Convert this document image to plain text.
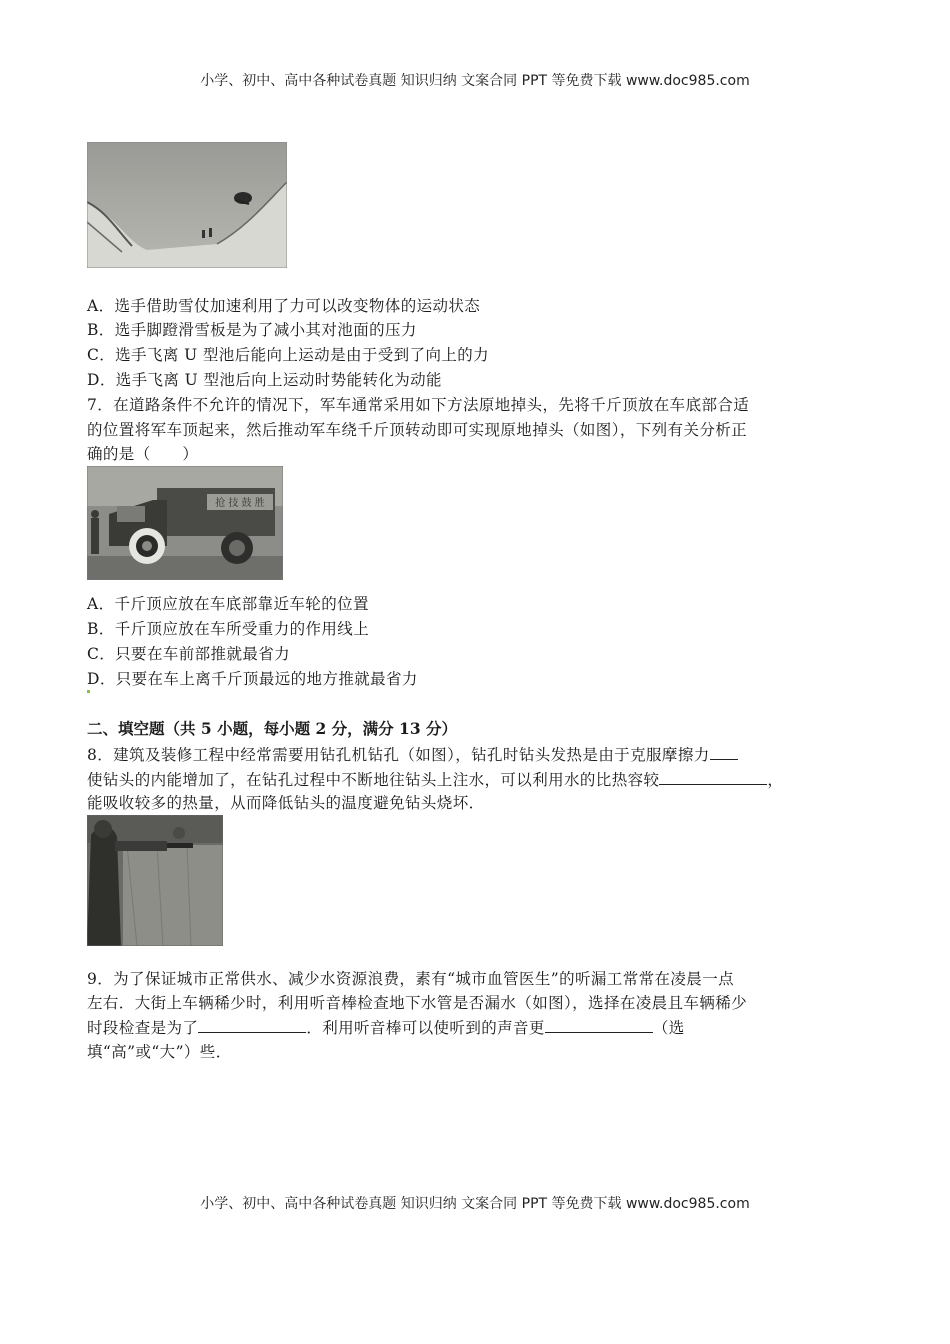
小学、初中、高中各种试卷真题 知识归纳 文案合同 PPT 等免费下载 www.doc985.com
A．选手借助雪仗加速利用了力可以改变物体的运动状态
B．选手脚蹬滑雪板是为了减小其对池面的压力
C．选手飞离 U 型池后能向上运动是由于受到了向上的力
D．选手飞离 U 型池后向上运动时势能转化为动能
7．在道路条件不允许的情况下，军车通常采用如下方法原地掉头，先将千斤顶放在车底部合适
的位置将军车顶起来，然后推动军车绕千斤顶转动即可实现原地掉头（如图），下列有关分析正
确的是（　　）
抢 技 鼓 胜
A．千斤顶应放在车底部靠近车轮的位置
B．千斤顶应放在车所受重力的作用线上
C．只要在车前部推就最省力
D．只要在车上离千斤顶最远的地方推就最省力
二、填空题（共 5 小题，每小题 2 分，满分 13 分）
8．建筑及装修工程中经常需要用钻孔机钻孔（如图），钻孔时钻头发热是由于克服摩擦力
使钻头的内能增加了，在钻孔过程中不断地往钻头上注水，可以利用水的比热容较	，
能吸收较多的热量，从而降低钻头的温度避免钻头烧坏．
9．为了保证城市正常供水、减少水资源浪费，素有“城市血管医生”的听漏工常常在凌晨一点
左右．大街上车辆稀少时，利用听音棒检查地下水管是否漏水（如图），选择在凌晨且车辆稀少
时段检查是为了	．利用听音棒可以使听到的声音更	（选
填“高”或“大”）些．
小学、初中、高中各种试卷真题 知识归纳 文案合同 PPT 等免费下载 www.doc985.com
